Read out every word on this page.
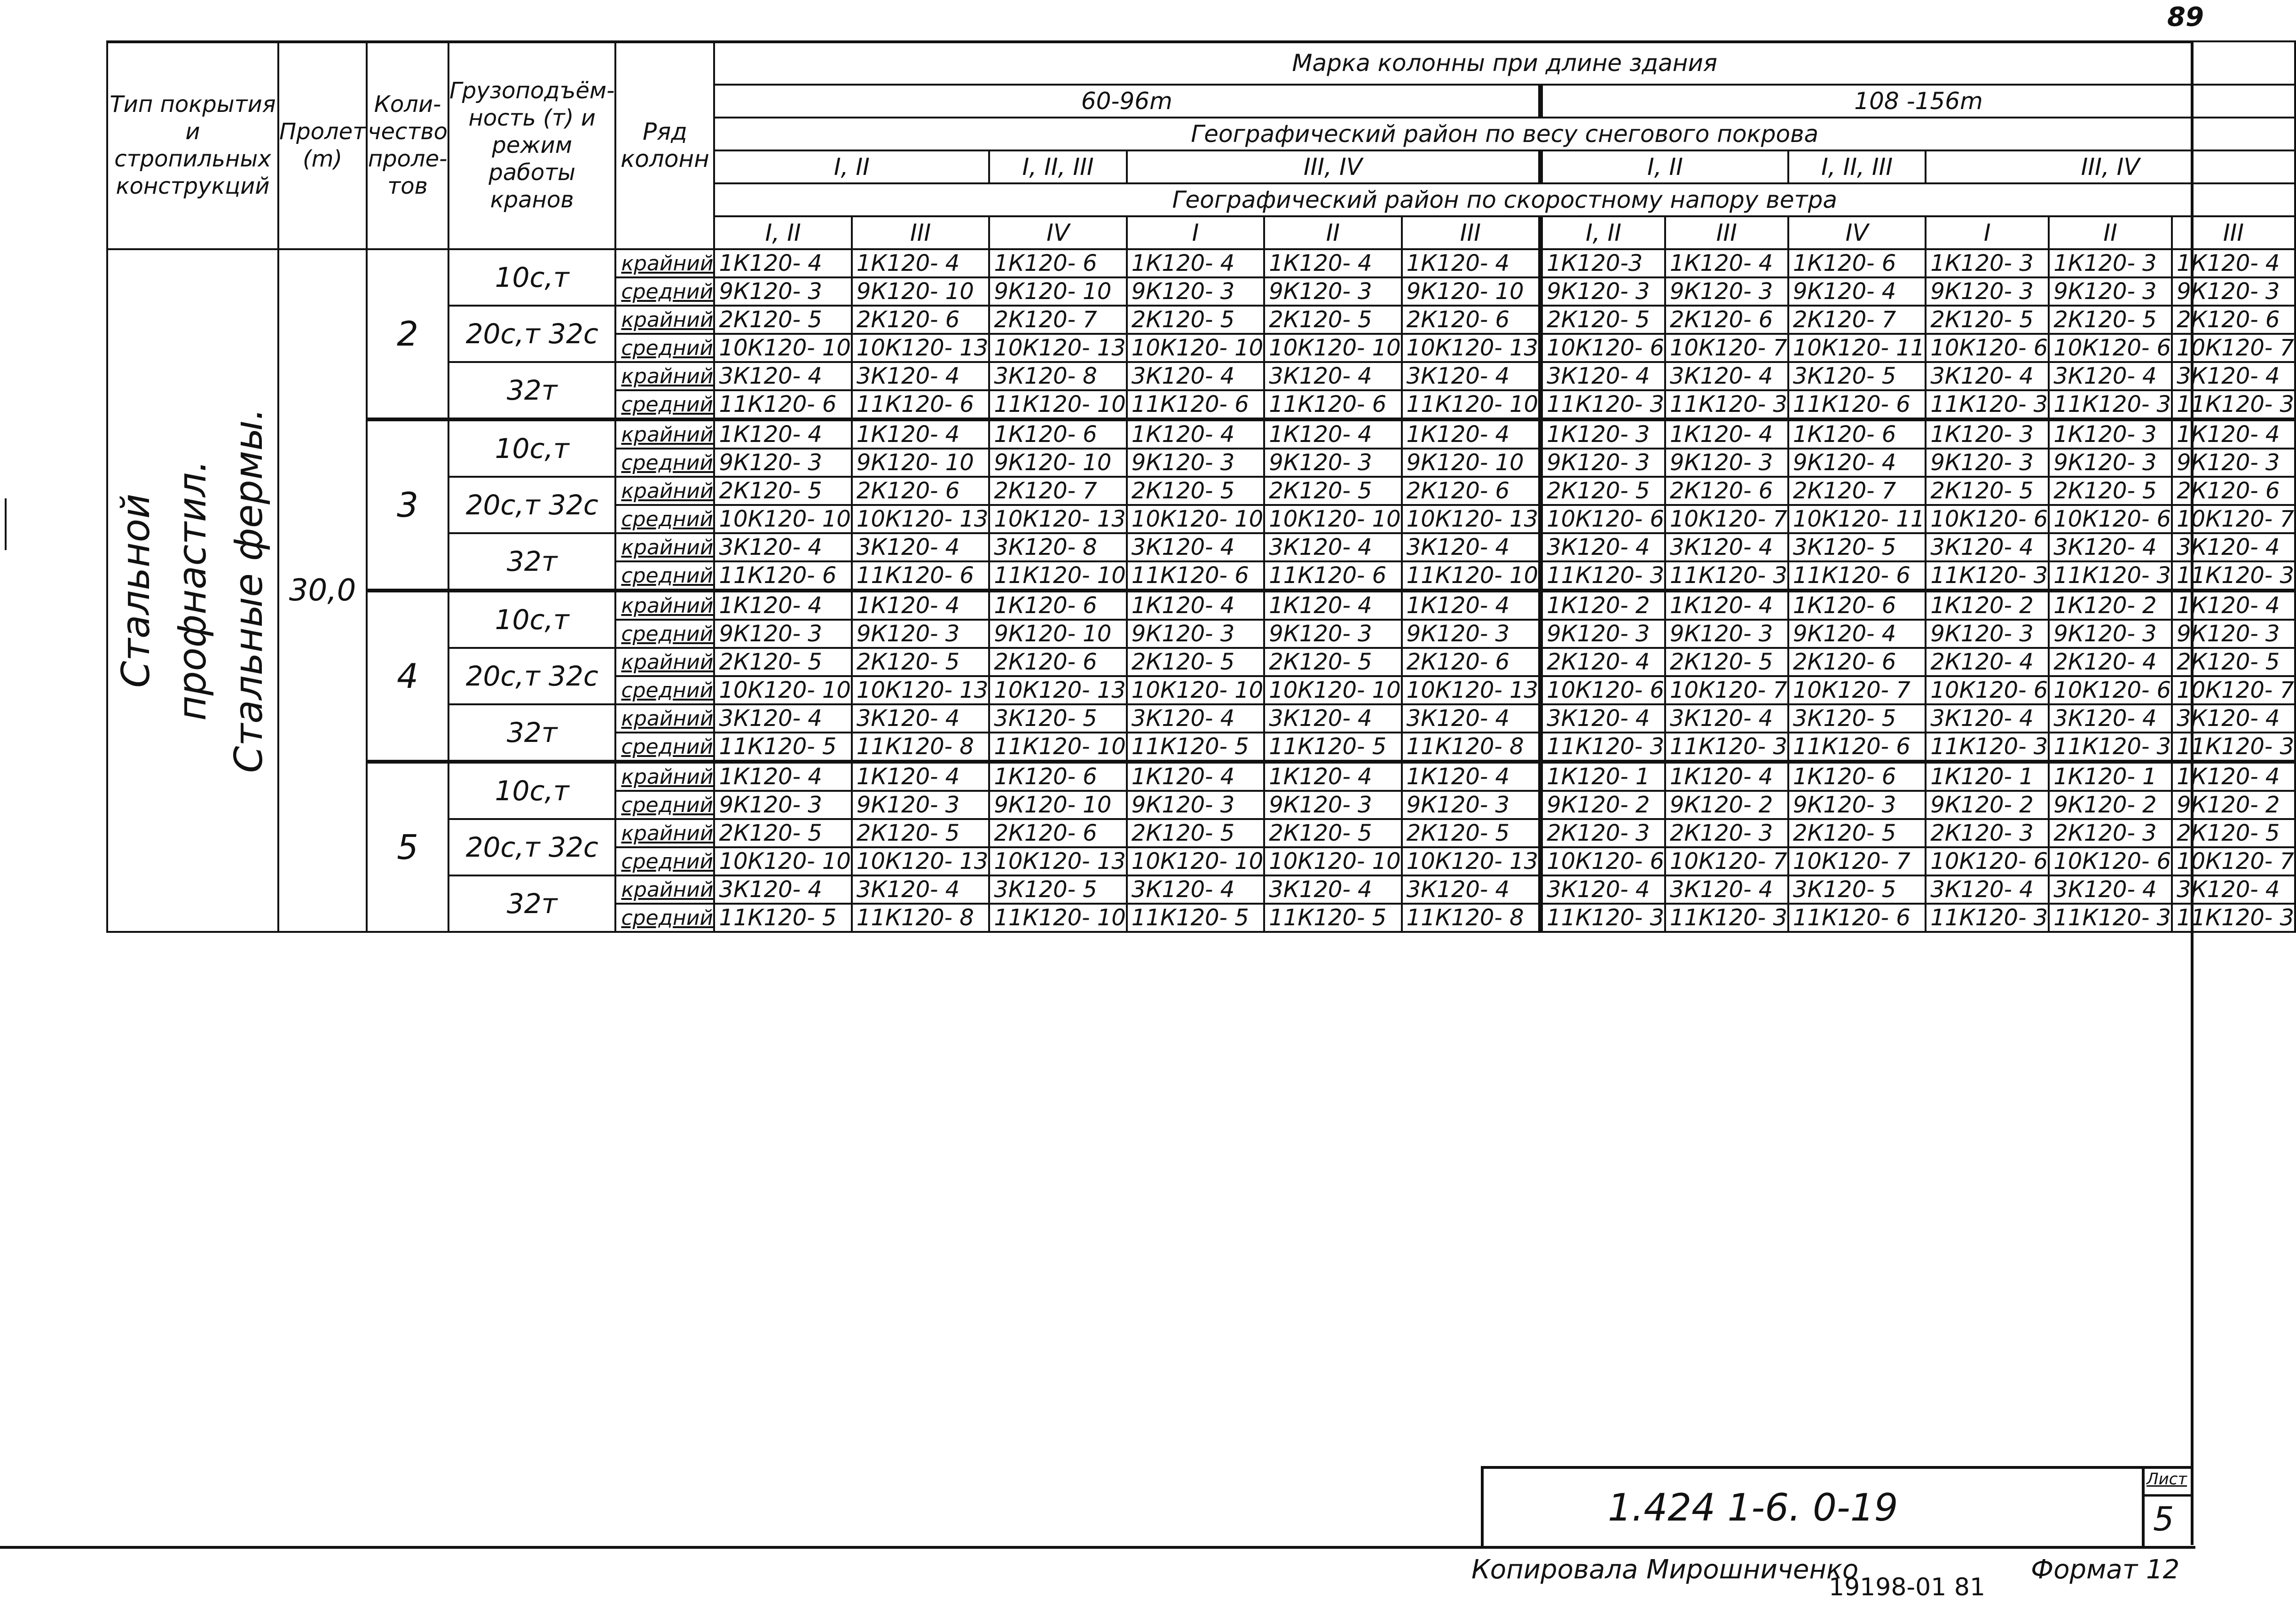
89
Тип покрытия и стропильных конструкций	Пролет (m)	Коли-чество проле-тов	Грузоподъём-ность (т) и режим работы кранов	Ряд колонн	Марка колонны при длине здания											
					60-96m						108 -156m					
					Географический район по весу снегового покрова											
					I, II		I, II, III	III, IV			I, II		I, II, III	III, IV		
					Географический район по скоростному напору ветра											
					I, II	III	IV	I	II	III	I, II	III	IV	I	II	III

Стальной профнастил. Стальные фермы.	30,0	2	10с,т	крайний	1К120- 4	1К120- 4	1К120- 6	1К120- 4	1К120- 4	1К120- 4	1К120-3	1К120- 4	1К120- 6	1К120- 3	1К120- 3	1К120- 4
				средний	9К120- 3	9К120- 10	9К120- 10	9К120- 3	9К120- 3	9К120- 10	9К120- 3	9К120- 3	9К120- 4	9К120- 3	9К120- 3	9К120- 3
			20с,т 32с	крайний	2К120- 5	2К120- 6	2К120- 7	2К120- 5	2К120- 5	2К120- 6	2К120- 5	2К120- 6	2К120- 7	2К120- 5	2К120- 5	2К120- 6
				средний	10К120- 10	10К120- 13	10К120- 13	10К120- 10	10К120- 10	10К120- 13	10К120- 6	10К120- 7	10К120- 11	10К120- 6	10К120- 6	10К120- 7
			32т	крайний	3К120- 4	3К120- 4	3К120- 8	3К120- 4	3К120- 4	3К120- 4	3К120- 4	3К120- 4	3К120- 5	3К120- 4	3К120- 4	3К120- 4
				средний	11К120- 6	11К120- 6	11К120- 10	11К120- 6	11К120- 6	11К120- 10	11К120- 3	11К120- 3	11К120- 6	11К120- 3	11К120- 3	11К120- 3
		3	10с,т	крайний	1К120- 4	1К120- 4	1К120- 6	1К120- 4	1К120- 4	1К120- 4	1К120- 3	1К120- 4	1К120- 6	1К120- 3	1К120- 3	1К120- 4
				средний	9К120- 3	9К120- 10	9К120- 10	9К120- 3	9К120- 3	9К120- 10	9К120- 3	9К120- 3	9К120- 4	9К120- 3	9К120- 3	9К120- 3
			20с,т 32с	крайний	2К120- 5	2К120- 6	2К120- 7	2К120- 5	2К120- 5	2К120- 6	2К120- 5	2К120- 6	2К120- 7	2К120- 5	2К120- 5	2К120- 6
				средний	10К120- 10	10К120- 13	10К120- 13	10К120- 10	10К120- 10	10К120- 13	10К120- 6	10К120- 7	10К120- 11	10К120- 6	10К120- 6	10К120- 7
			32т	крайний	3К120- 4	3К120- 4	3К120- 8	3К120- 4	3К120- 4	3К120- 4	3К120- 4	3К120- 4	3К120- 5	3К120- 4	3К120- 4	3К120- 4
				средний	11К120- 6	11К120- 6	11К120- 10	11К120- 6	11К120- 6	11К120- 10	11К120- 3	11К120- 3	11К120- 6	11К120- 3	11К120- 3	11К120- 3
		4	10с,т	крайний	1К120- 4	1К120- 4	1К120- 6	1К120- 4	1К120- 4	1К120- 4	1К120- 2	1К120- 4	1К120- 6	1К120- 2	1К120- 2	1К120- 4
				средний	9К120- 3	9К120- 3	9К120- 10	9К120- 3	9К120- 3	9К120- 3	9К120- 3	9К120- 3	9К120- 4	9К120- 3	9К120- 3	9К120- 3
			20с,т 32с	крайний	2К120- 5	2К120- 5	2К120- 6	2К120- 5	2К120- 5	2К120- 6	2К120- 4	2К120- 5	2К120- 6	2К120- 4	2К120- 4	2К120- 5
				средний	10К120- 10	10К120- 13	10К120- 13	10К120- 10	10К120- 10	10К120- 13	10К120- 6	10К120- 7	10К120- 7	10К120- 6	10К120- 6	10К120- 7
			32т	крайний	3К120- 4	3К120- 4	3К120- 5	3К120- 4	3К120- 4	3К120- 4	3К120- 4	3К120- 4	3К120- 5	3К120- 4	3К120- 4	3К120- 4
				средний	11К120- 5	11К120- 8	11К120- 10	11К120- 5	11К120- 5	11К120- 8	11К120- 3	11К120- 3	11К120- 6	11К120- 3	11К120- 3	11К120- 3
		5	10с,т	крайний	1К120- 4	1К120- 4	1К120- 6	1К120- 4	1К120- 4	1К120- 4	1К120- 1	1К120- 4	1К120- 6	1К120- 1	1К120- 1	1К120- 4
				средний	9К120- 3	9К120- 3	9К120- 10	9К120- 3	9К120- 3	9К120- 3	9К120- 2	9К120- 2	9К120- 3	9К120- 2	9К120- 2	9К120- 2
			20с,т 32с	крайний	2К120- 5	2К120- 5	2К120- 6	2К120- 5	2К120- 5	2К120- 5	2К120- 3	2К120- 3	2К120- 5	2К120- 3	2К120- 3	2К120- 5
				средний	10К120- 10	10К120- 13	10К120- 13	10К120- 10	10К120- 10	10К120- 13	10К120- 6	10К120- 7	10К120- 7	10К120- 6	10К120- 6	10К120- 7
			32т	крайний	3К120- 4	3К120- 4	3К120- 5	3К120- 4	3К120- 4	3К120- 4	3К120- 4	3К120- 4	3К120- 5	3К120- 4	3К120- 4	3К120- 4
				средний	11К120- 5	11К120- 8	11К120- 10	11К120- 5	11К120- 5	11К120- 8	11К120- 3	11К120- 3	11К120- 6	11К120- 3	11К120- 3	11К120- 3
1.424 1-6. 0-19
Лист
5
Копировала Мирошниченко
19198-01 81
Формат 12
